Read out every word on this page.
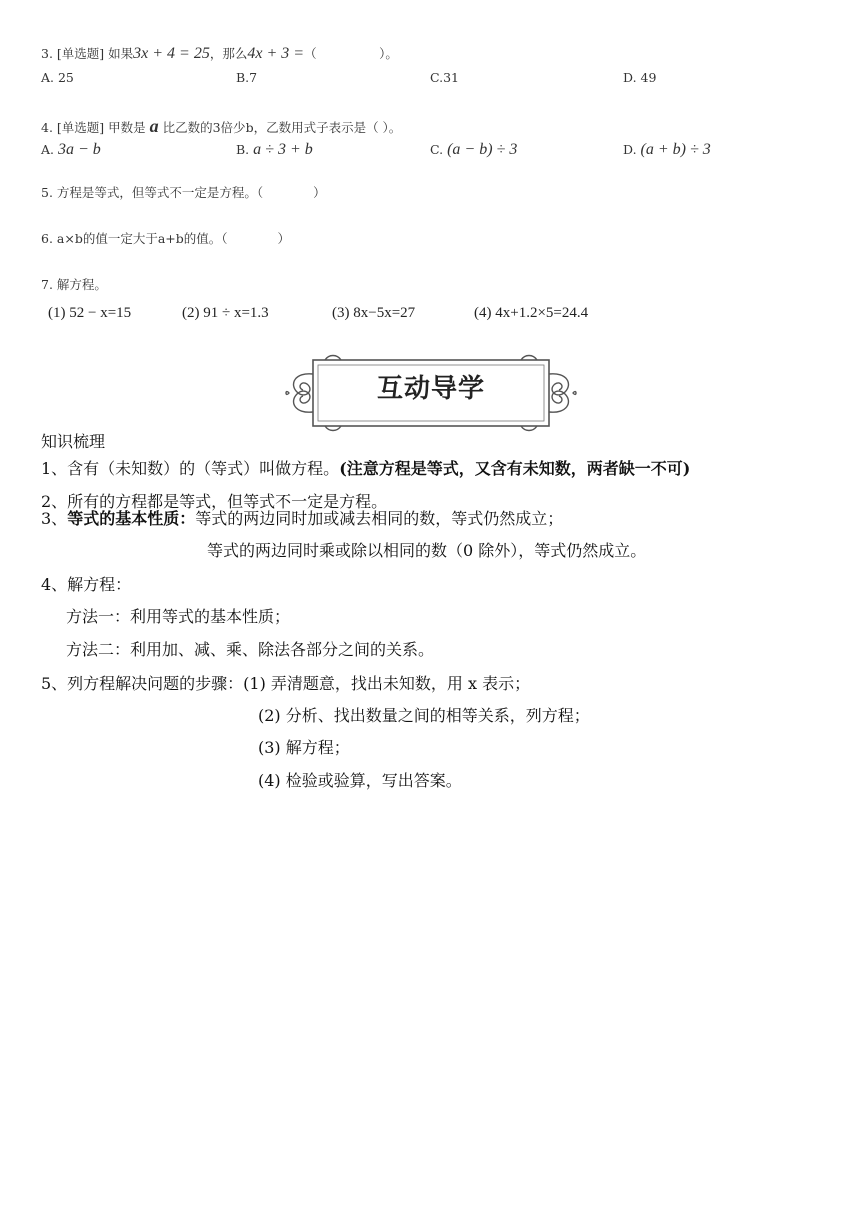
3. [单选题] 如果3x + 4 = 25，那么4x + 3 =（　　　　　）。
A. 25	B.7	C.31	D. 49
4. [单选题] 甲数是 a 比乙数的3倍少b，乙数用式子表示是（ ）。
A. 3a − b	B. a ÷ 3 + b	C. (a − b) ÷ 3	D. (a + b) ÷ 3
5. 方程是等式，但等式不一定是方程。（　　　　）
6. a×b的值一定大于a+b的值。（　　　　）
7. 解方程。
(1) 52 − x=15	(2) 91 ÷ x=1.3	(3) 8x−5x=27	(4) 4x+1.2×5=24.4
互动导学
知识梳理
1、含有（未知数）的（等式）叫做方程。(注意方程是等式，又含有未知数，两者缺一不可)
2、所有的方程都是等式，但等式不一定是方程。
3、等式的基本性质：等式的两边同时加或减去相同的数，等式仍然成立；
等式的两边同时乘或除以相同的数（0 除外），等式仍然成立。
4、解方程：
方法一：利用等式的基本性质；
方法二：利用加、减、乘、除法各部分之间的关系。
5、列方程解决问题的步骤：(1) 弄清题意，找出未知数，用 x 表示；
(2) 分析、找出数量之间的相等关系，列方程；
(3) 解方程；
(4) 检验或验算，写出答案。
